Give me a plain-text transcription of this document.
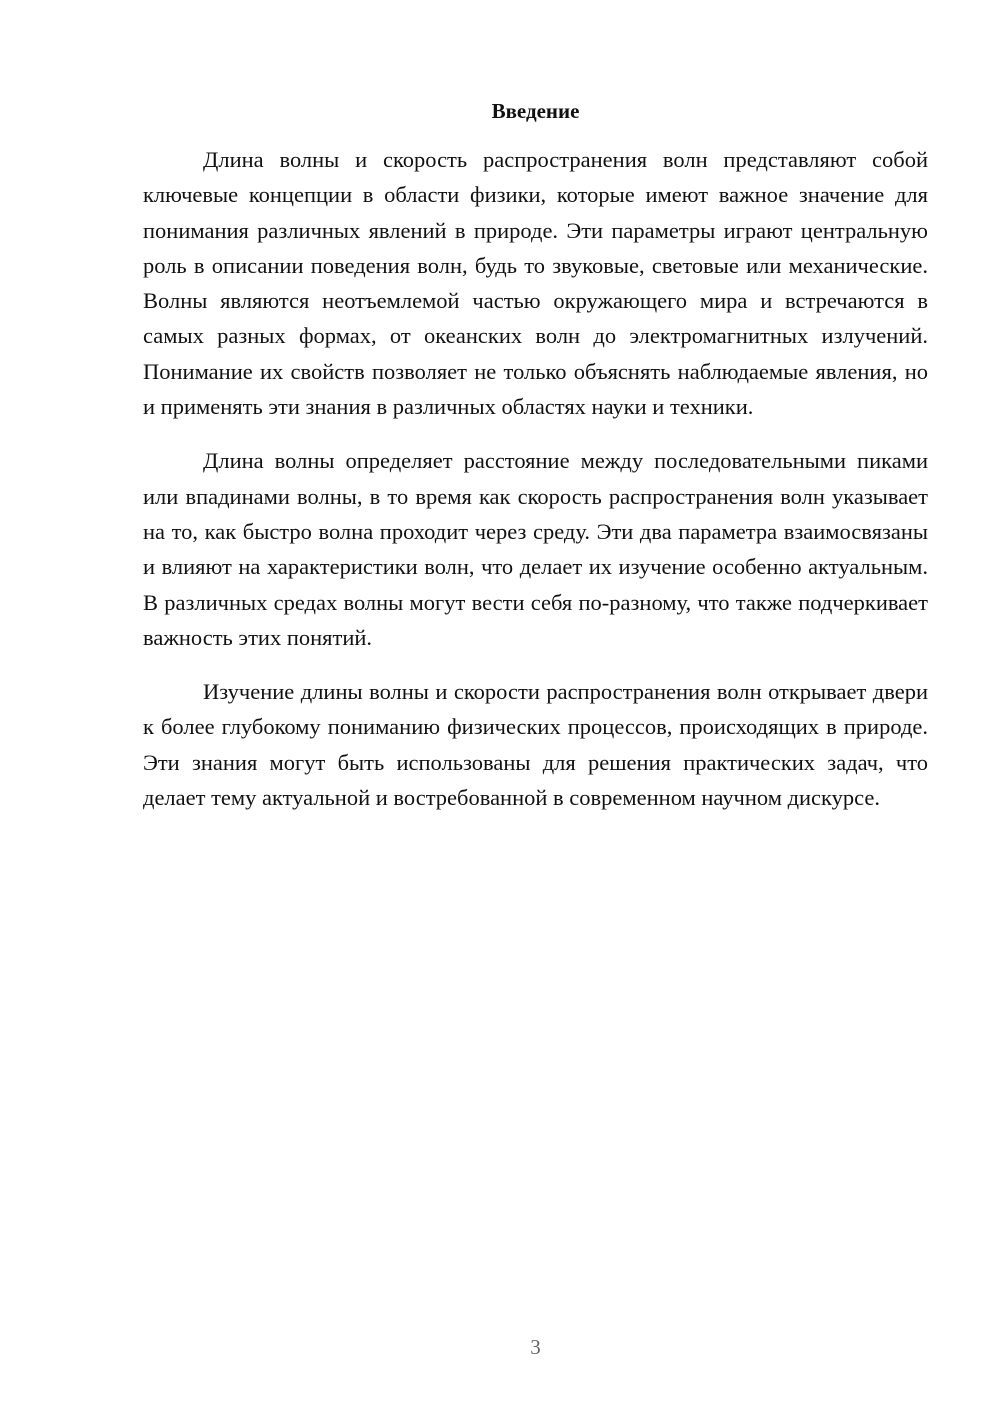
Введение

Длина волны и скорость распространения волн представляют собой ключевые концепции в области физики, которые имеют важное значение для понимания различных явлений в природе. Эти параметры играют центральную роль в описании поведения волн, будь то звуковые, световые или механические. Волны являются неотъемлемой частью окружающего мира и встречаются в самых разных формах, от океанских волн до электромагнитных излучений. Понимание их свойств позволяет не только объяснять наблюдаемые явления, но и применять эти знания в различных областях науки и техники.

Длина волны определяет расстояние между последовательными пиками или впадинами волны, в то время как скорость распространения волн указывает на то, как быстро волна проходит через среду. Эти два параметра взаимосвязаны и влияют на характеристики волн, что делает их изучение особенно актуальным. В различных средах волны могут вести себя по-разному, что также подчеркивает важность этих понятий.

Изучение длины волны и скорости распространения волн открывает двери к более глубокому пониманию физических процессов, происходящих в природе. Эти знания могут быть использованы для решения практических задач, что делает тему актуальной и востребованной в современном научном дискурсе.

3
